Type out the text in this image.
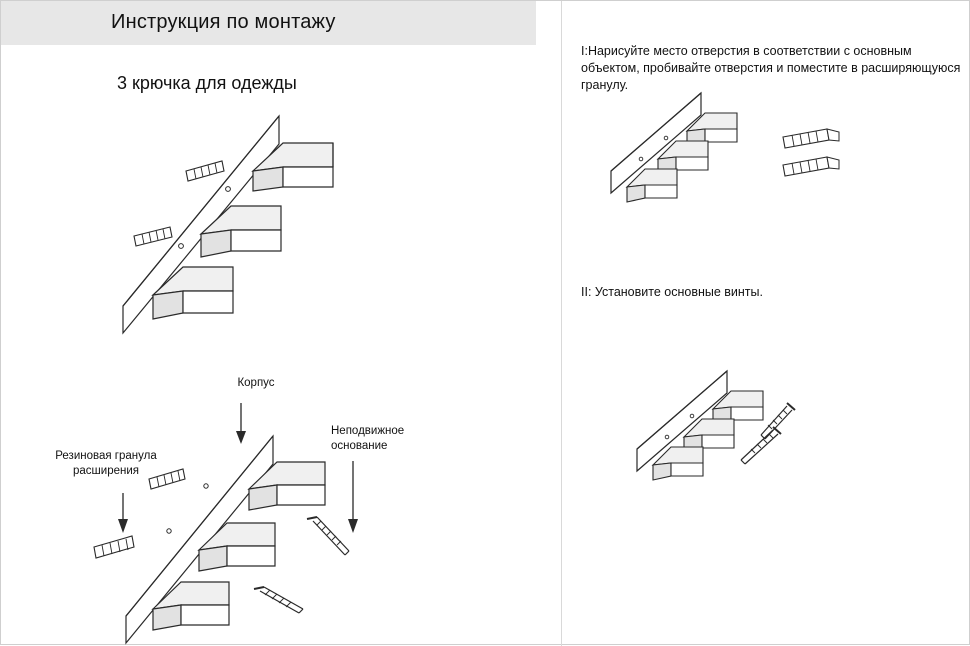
Инструкция по монтажу
3 крючка для одежды
I:Нарисуйте место отверстия в соответствии с основным объектом, пробивайте отверстия и поместите в расширяющуюся гранулу.
II: Установите основные винты.
Корпус
Неподвижное основание
Резиновая гранула расширения
